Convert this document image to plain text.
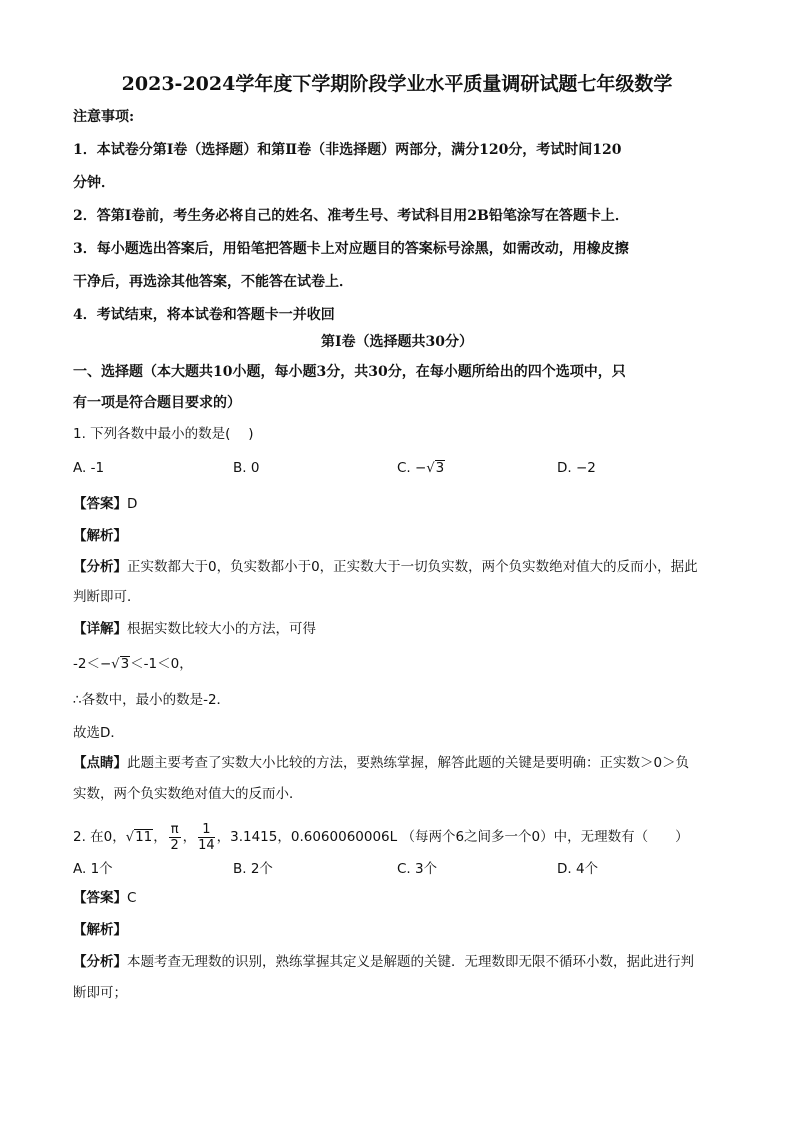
2023-2024学年度下学期阶段学业水平质量调研试题七年级数学
注意事项:
1．本试卷分第Ⅰ卷（选择题）和第Ⅱ卷（非选择题）两部分，满分120分，考试时间120
分钟．
2．答第Ⅰ卷前，考生务必将自己的姓名、准考生号、考试科目用2B铅笔涂写在答题卡上．
3．每小题选出答案后，用铅笔把答题卡上对应题目的答案标号涂黑，如需改动，用橡皮擦
干净后，再选涂其他答案，不能答在试卷上．
4．考试结束，将本试卷和答题卡一并收回
第Ⅰ卷（选择题共30分）
一、选择题（本大题共10小题，每小题3分，共30分，在每小题所给出的四个选项中，只
有一项是符合题目要求的）
1. 下列各数中最小的数是(　 )
A. -1	B. 0	C. −√3	D. −2
【答案】D
【解析】
【分析】正实数都大于0，负实数都小于0，正实数大于一切负实数，两个负实数绝对值大的反而小，据此
判断即可．
【详解】根据实数比较大小的方法，可得
-2＜−√3＜-1＜0，
∴各数中，最小的数是-2．
故选D．
【点睛】此题主要考查了实数大小比较的方法，要熟练掌握，解答此题的关键是要明确：正实数＞0＞负
实数，两个负实数绝对值大的反而小．
2. 在0，√11， $\frac{\pi}{2}$ ， $\frac{1}{14}$ ，3.1415，0.6060060006L （每两个6之间多一个0）中，无理数有（　　）
A. 1个	B. 2个	C. 3个	D. 4个
【答案】C
【解析】
【分析】本题考查无理数的识别，熟练掌握其定义是解题的关键．无理数即无限不循环小数，据此进行判
断即可；
